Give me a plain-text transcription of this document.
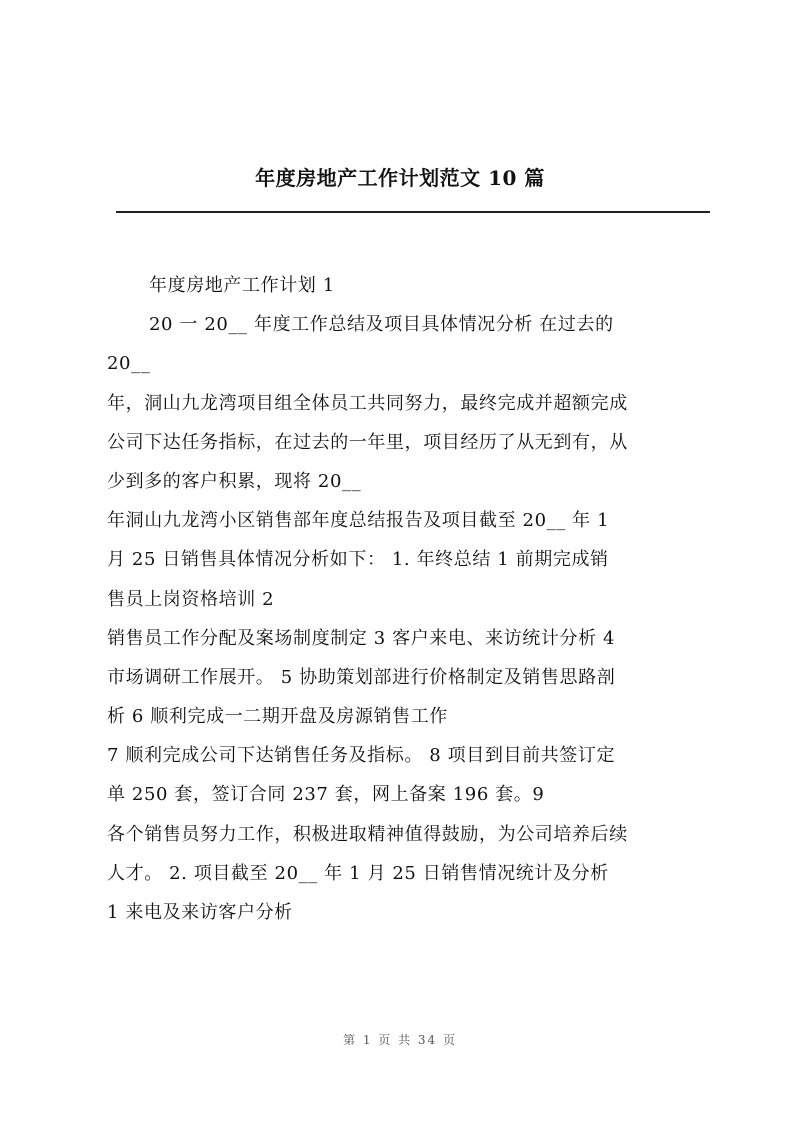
年度房地产工作计划范文 10 篇
年度房地产工作计划 1
20 一 20__ 年度工作总结及项目具体情况分析 在过去的
20__
年，洞山九龙湾项目组全体员工共同努力，最终完成并超额完成
公司下达任务指标，在过去的一年里，项目经历了从无到有，从
少到多的客户积累，现将 20__
年洞山九龙湾小区销售部年度总结报告及项目截至 20__ 年 1
月 25 日销售具体情况分析如下： 1. 年终总结 1 前期完成销
售员上岗资格培训 2
销售员工作分配及案场制度制定 3 客户来电、来访统计分析 4
市场调研工作展开。 5 协助策划部进行价格制定及销售思路剖
析 6 顺利完成一二期开盘及房源销售工作
7 顺利完成公司下达销售任务及指标。 8 项目到目前共签订定
单 250 套，签订合同 237 套，网上备案 196 套。9
各个销售员努力工作，积极进取精神值得鼓励，为公司培养后续
人才。 2. 项目截至 20__ 年 1 月 25 日销售情况统计及分析
1 来电及来访客户分析
第 1 页 共 34 页
